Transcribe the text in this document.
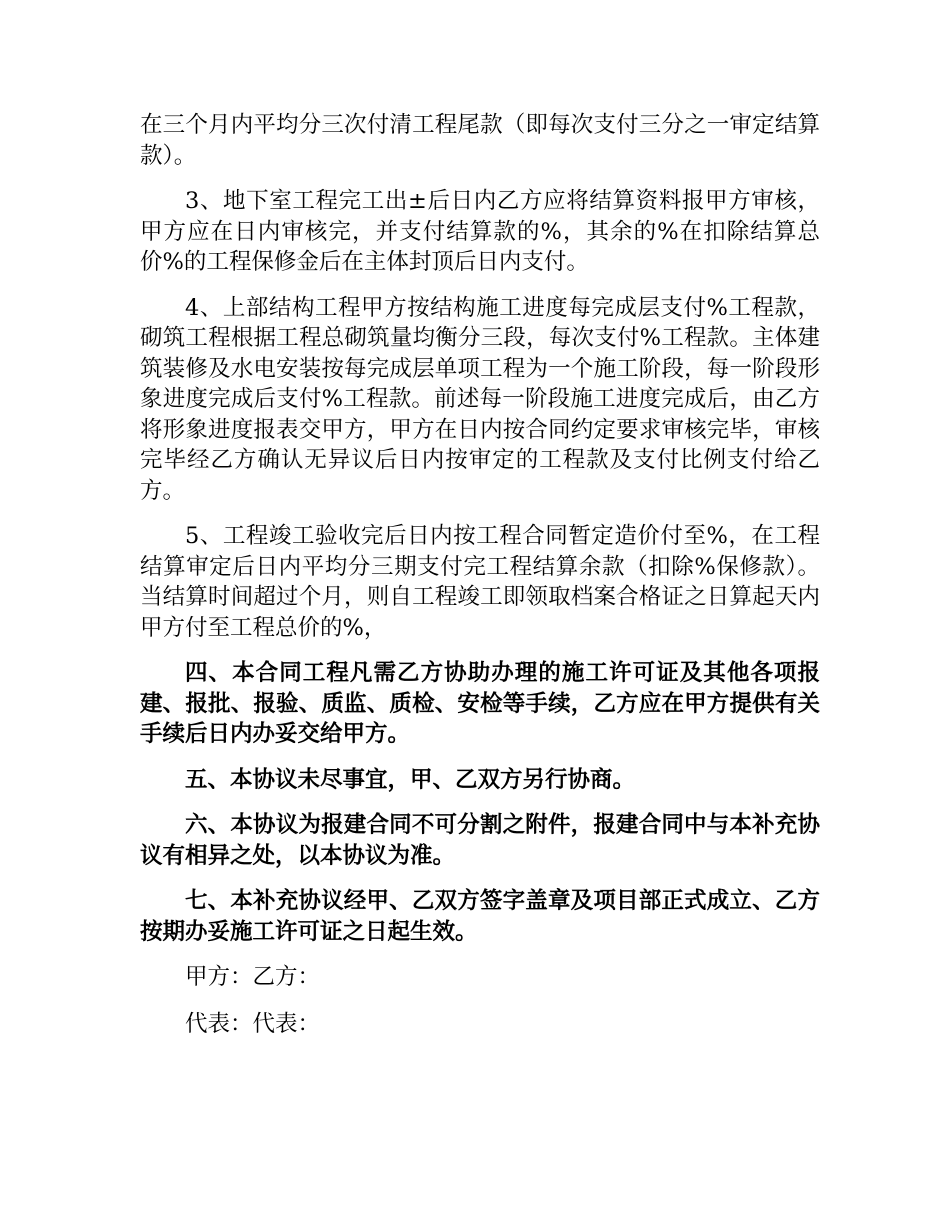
在三个月内平均分三次付清工程尾款（即每次支付三分之一审定结算款）。

3、地下室工程完工出±后日内乙方应将结算资料报甲方审核，甲方应在日内审核完，并支付结算款的%，其余的%在扣除结算总价%的工程保修金后在主体封顶后日内支付。

4、上部结构工程甲方按结构施工进度每完成层支付%工程款，砌筑工程根据工程总砌筑量均衡分三段，每次支付%工程款。主体建筑装修及水电安装按每完成层单项工程为一个施工阶段，每一阶段形象进度完成后支付%工程款。前述每一阶段施工进度完成后，由乙方将形象进度报表交甲方，甲方在日内按合同约定要求审核完毕，审核完毕经乙方确认无异议后日内按审定的工程款及支付比例支付给乙方。

5、工程竣工验收完后日内按工程合同暂定造价付至%，在工程结算审定后日内平均分三期支付完工程结算余款（扣除%保修款）。当结算时间超过个月，则自工程竣工即领取档案合格证之日算起天内甲方付至工程总价的%，

四、本合同工程凡需乙方协助办理的施工许可证及其他各项报建、报批、报验、质监、质检、安检等手续，乙方应在甲方提供有关手续后日内办妥交给甲方。

五、本协议未尽事宜，甲、乙双方另行协商。

六、本协议为报建合同不可分割之附件，报建合同中与本补充协议有相异之处，以本协议为准。

七、本补充协议经甲、乙双方签字盖章及项目部正式成立、乙方按期办妥施工许可证之日起生效。

甲方：乙方：

代表：代表：
